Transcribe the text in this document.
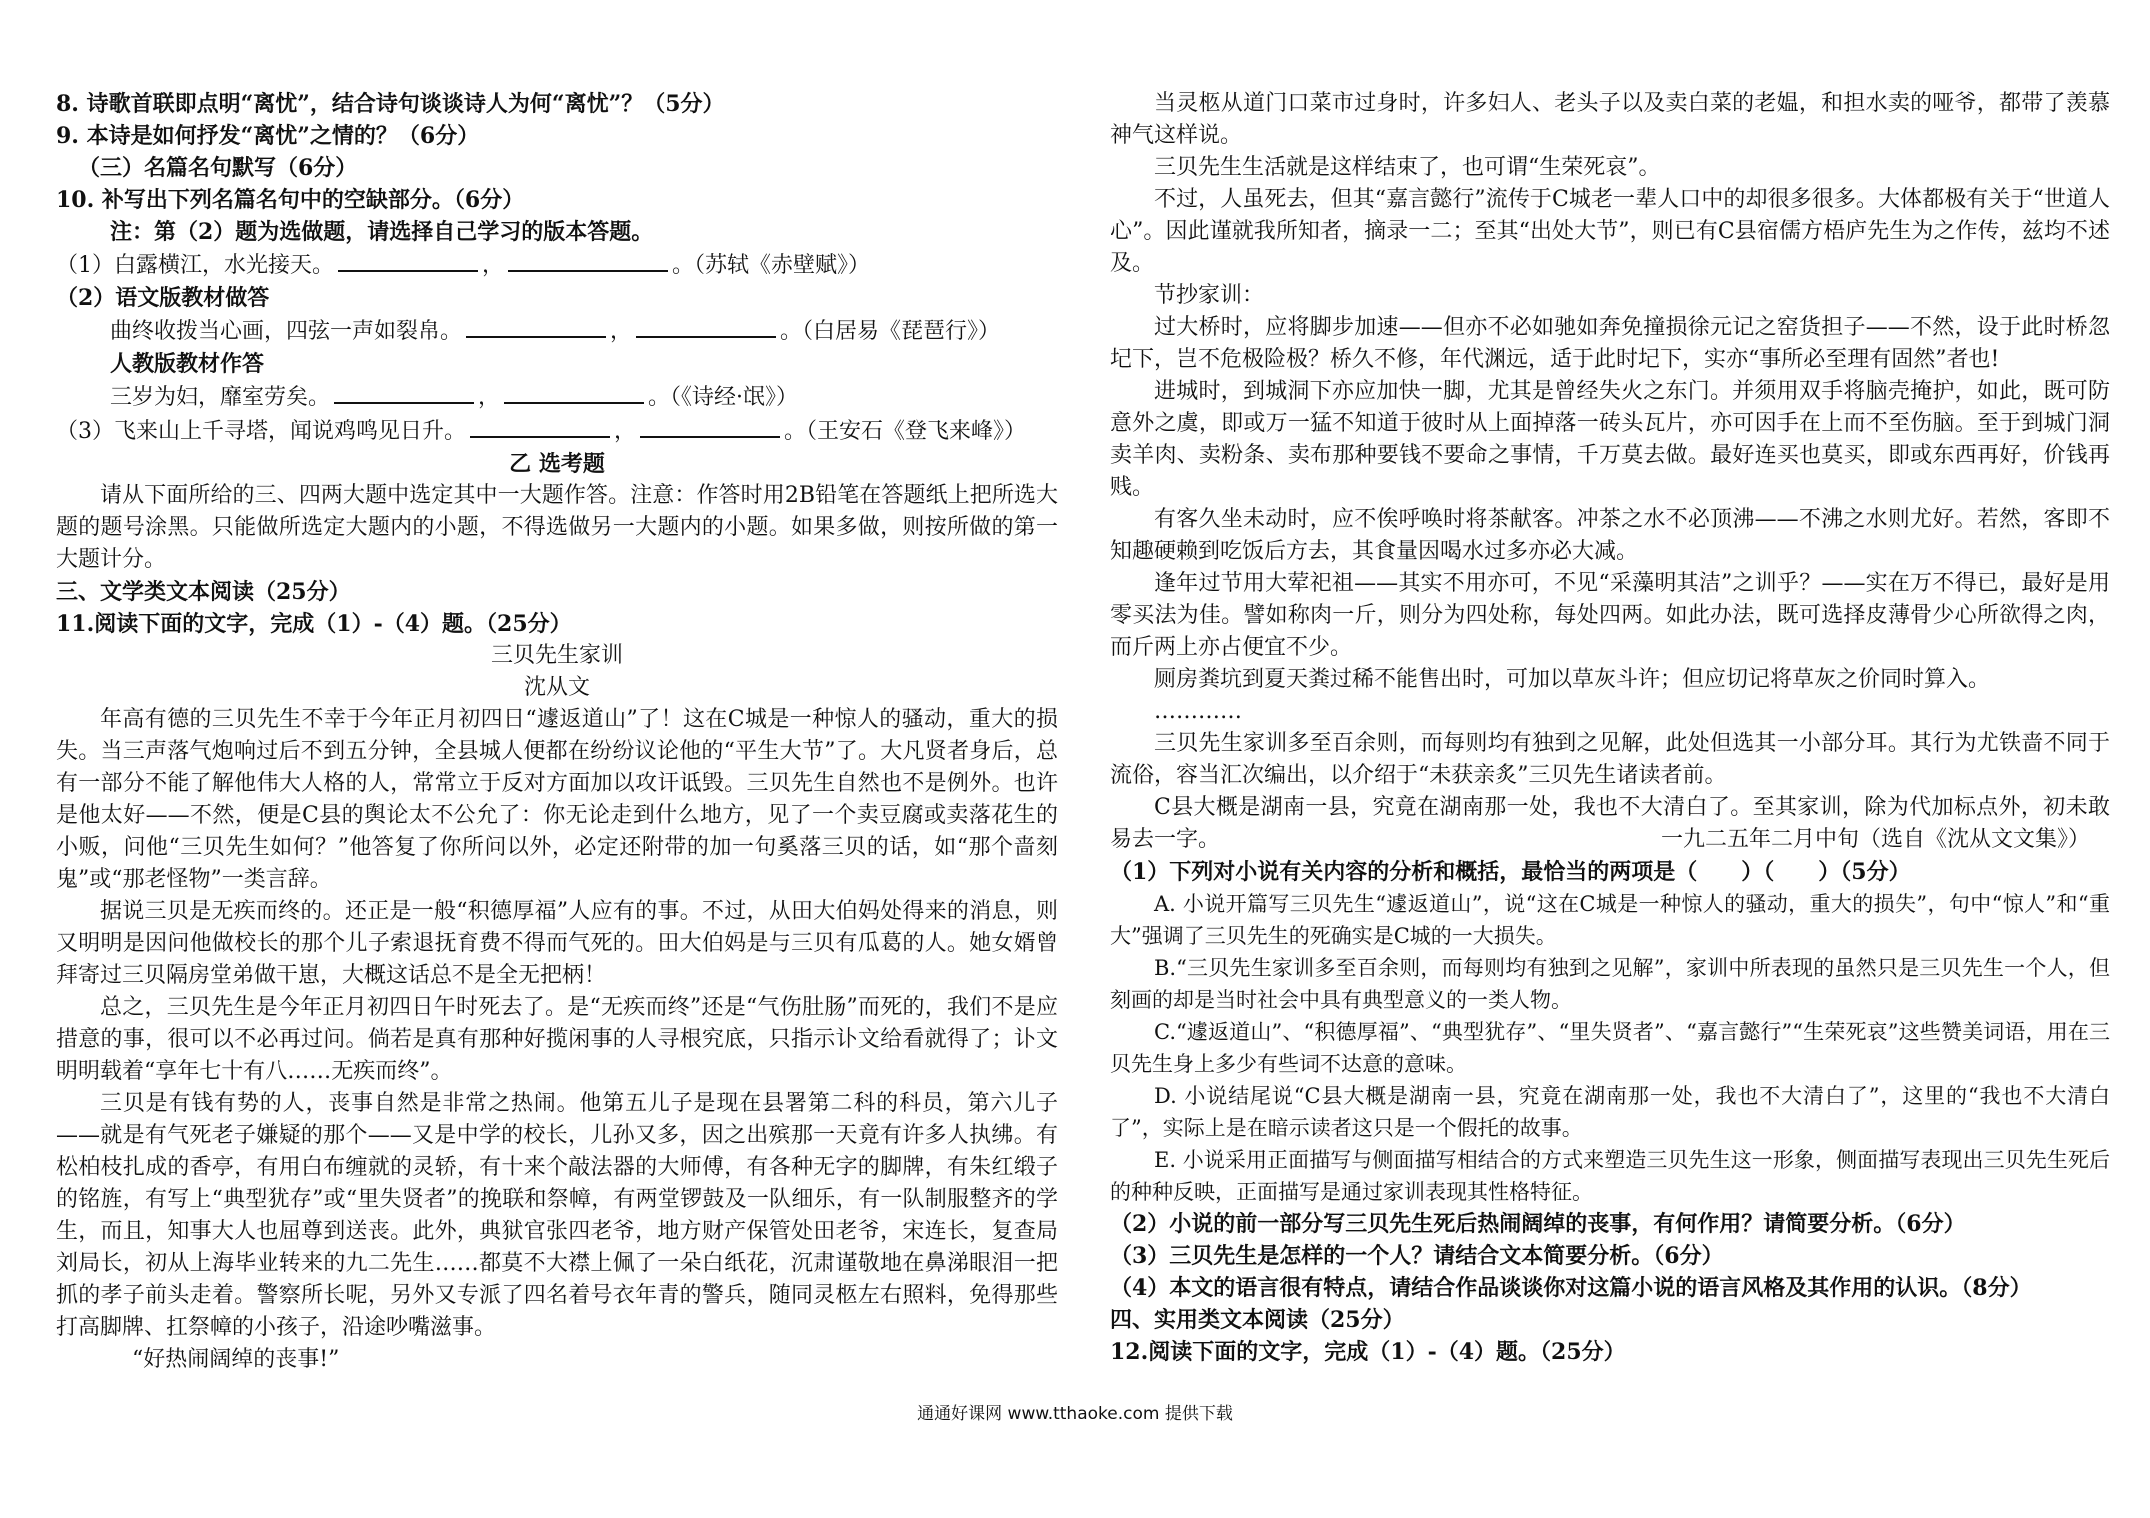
8. 诗歌首联即点明“离忧”，结合诗句谈谈诗人为何“离忧”？（5分）
9. 本诗是如何抒发“离忧”之情的？（6分）
（三）名篇名句默写（6分）
10. 补写出下列名篇名句中的空缺部分。（6分）
注：第（2）题为选做题，请选择自己学习的版本答题。
（1）白露横江，水光接天。	，	。（苏轼《赤壁赋》）
（2）语文版教材做答
曲终收拨当心画，四弦一声如裂帛。	，	。（白居易《琵琶行》）
人教版教材作答
三岁为妇，靡室劳矣。	，	。（《诗经·氓》）
（3）飞来山上千寻塔，闻说鸡鸣见日升。	，	。（王安石《登飞来峰》）
乙 选考题
请从下面所给的三、四两大题中选定其中一大题作答。注意：作答时用2B铅笔在答题纸上把所选大题的题号涂黑。只能做所选定大题内的小题，不得选做另一大题内的小题。如果多做，则按所做的第一大题计分。
三、文学类文本阅读（25分）
11.阅读下面的文字，完成（1）-（4）题。（25分）
三贝先生家训
沈从文
年高有德的三贝先生不幸于今年正月初四日“遽返道山”了！这在C城是一种惊人的骚动，重大的损失。当三声落气炮响过后不到五分钟，全县城人便都在纷纷议论他的“平生大节”了。大凡贤者身后，总有一部分不能了解他伟大人格的人，常常立于反对方面加以攻讦诋毁。三贝先生自然也不是例外。也许是他太好——不然，便是C县的舆论太不公允了：你无论走到什么地方，见了一个卖豆腐或卖落花生的小贩，问他“三贝先生如何？”他答复了你所问以外，必定还附带的加一句奚落三贝的话，如“那个啬刻鬼”或“那老怪物”一类言辞。
据说三贝是无疾而终的。还正是一般“积德厚福”人应有的事。不过，从田大伯妈处得来的消息，则又明明是因问他做校长的那个儿子索退抚育费不得而气死的。田大伯妈是与三贝有瓜葛的人。她女婿曾拜寄过三贝隔房堂弟做干崽，大概这话总不是全无把柄！
总之，三贝先生是今年正月初四日午时死去了。是“无疾而终”还是“气伤肚肠”而死的，我们不是应措意的事，很可以不必再过问。倘若是真有那种好揽闲事的人寻根究底，只指示讣文给看就得了；讣文明明载着“享年七十有八……无疾而终”。
三贝是有钱有势的人，丧事自然是非常之热闹。他第五儿子是现在县署第二科的科员，第六儿子——就是有气死老子嫌疑的那个——又是中学的校长，儿孙又多，因之出殡那一天竟有许多人执绋。有松柏枝扎成的香亭，有用白布缠就的灵轿，有十来个敲法器的大师傅，有各种无字的脚牌，有朱红缎子的铭旌，有写上“典型犹存”或“里失贤者”的挽联和祭幛，有两堂锣鼓及一队细乐，有一队制服整齐的学生，而且，知事大人也屈尊到送丧。此外，典狱官张四老爷，地方财产保管处田老爷，宋连长，复查局刘局长，初从上海毕业转来的九二先生……都莫不大襟上佩了一朵白纸花，沉肃谨敬地在鼻涕眼泪一把抓的孝子前头走着。警察所长呢，另外又专派了四名着号衣年青的警兵，随同灵柩左右照料，免得那些打高脚牌、扛祭幛的小孩子，沿途吵嘴滋事。
“好热闹阔绰的丧事!”
当灵柩从道门口菜市过身时，许多妇人、老头子以及卖白菜的老媪，和担水卖的哑爷，都带了羡慕神气这样说。
三贝先生生活就是这样结束了，也可谓“生荣死哀”。
不过，人虽死去，但其“嘉言懿行”流传于C城老一辈人口中的却很多很多。大体都极有关于“世道人心”。因此谨就我所知者，摘录一二；至其“出处大节”，则已有C县宿儒方梧庐先生为之作传，兹均不述及。
节抄家训：
过大桥时，应将脚步加速——但亦不必如驰如奔免撞损徐元记之窑货担子——不然，设于此时桥忽圮下，岂不危极险极？桥久不修，年代渊远，适于此时圮下，实亦“事所必至理有固然”者也!
进城时，到城洞下亦应加快一脚，尤其是曾经失火之东门。并须用双手将脑壳掩护，如此，既可防意外之虞，即或万一猛不知道于彼时从上面掉落一砖头瓦片，亦可因手在上而不至伤脑。至于到城门洞卖羊肉、卖粉条、卖布那种要钱不要命之事情，千万莫去做。最好连买也莫买，即或东西再好，价钱再贱。
有客久坐未动时，应不俟呼唤时将茶献客。冲茶之水不必顶沸——不沸之水则尤好。若然，客即不知趣硬赖到吃饭后方去，其食量因喝水过多亦必大减。
逢年过节用大荤祀祖——其实不用亦可，不见“采藻明其洁”之训乎？——实在万不得已，最好是用零买法为佳。譬如称肉一斤，则分为四处称，每处四两。如此办法，既可选择皮薄骨少心所欲得之肉，而斤两上亦占便宜不少。
厕房粪坑到夏天粪过稀不能售出时，可加以草灰斗许；但应切记将草灰之价同时算入。
…………
三贝先生家训多至百余则，而每则均有独到之见解，此处但选其一小部分耳。其行为尤铁啬不同于流俗，容当汇次编出，以介绍于“未获亲炙”三贝先生诸读者前。
C县大概是湖南一县，究竟在湖南那一处，我也不大清白了。至其家训，除为代加标点外，初未敢易去一字。	一九二五年二月中旬（选自《沈从文文集》）
（1）下列对小说有关内容的分析和概括，最恰当的两项是（　　）（　　）（5分）
A. 小说开篇写三贝先生“遽返道山”，说“这在C城是一种惊人的骚动，重大的损失”，句中“惊人”和“重大”强调了三贝先生的死确实是C城的一大损失。
B.“三贝先生家训多至百余则，而每则均有独到之见解”，家训中所表现的虽然只是三贝先生一个人，但刻画的却是当时社会中具有典型意义的一类人物。
C.“遽返道山”、“积德厚福”、“典型犹存”、“里失贤者”、“嘉言懿行”“生荣死哀”这些赞美词语，用在三贝先生身上多少有些词不达意的意味。
D. 小说结尾说“C县大概是湖南一县，究竟在湖南那一处，我也不大清白了”，这里的“我也不大清白了”，实际上是在暗示读者这只是一个假托的故事。
E. 小说采用正面描写与侧面描写相结合的方式来塑造三贝先生这一形象，侧面描写表现出三贝先生死后的种种反映，正面描写是通过家训表现其性格特征。
（2）小说的前一部分写三贝先生死后热闹阔绰的丧事，有何作用？请简要分析。（6分）
（3）三贝先生是怎样的一个人？请结合文本简要分析。（6分）
（4）本文的语言很有特点，请结合作品谈谈你对这篇小说的语言风格及其作用的认识。（8分）
四、实用类文本阅读（25分）
12.阅读下面的文字，完成（1）-（4）题。（25分）
通通好课网 www.tthaoke.com 提供下载
